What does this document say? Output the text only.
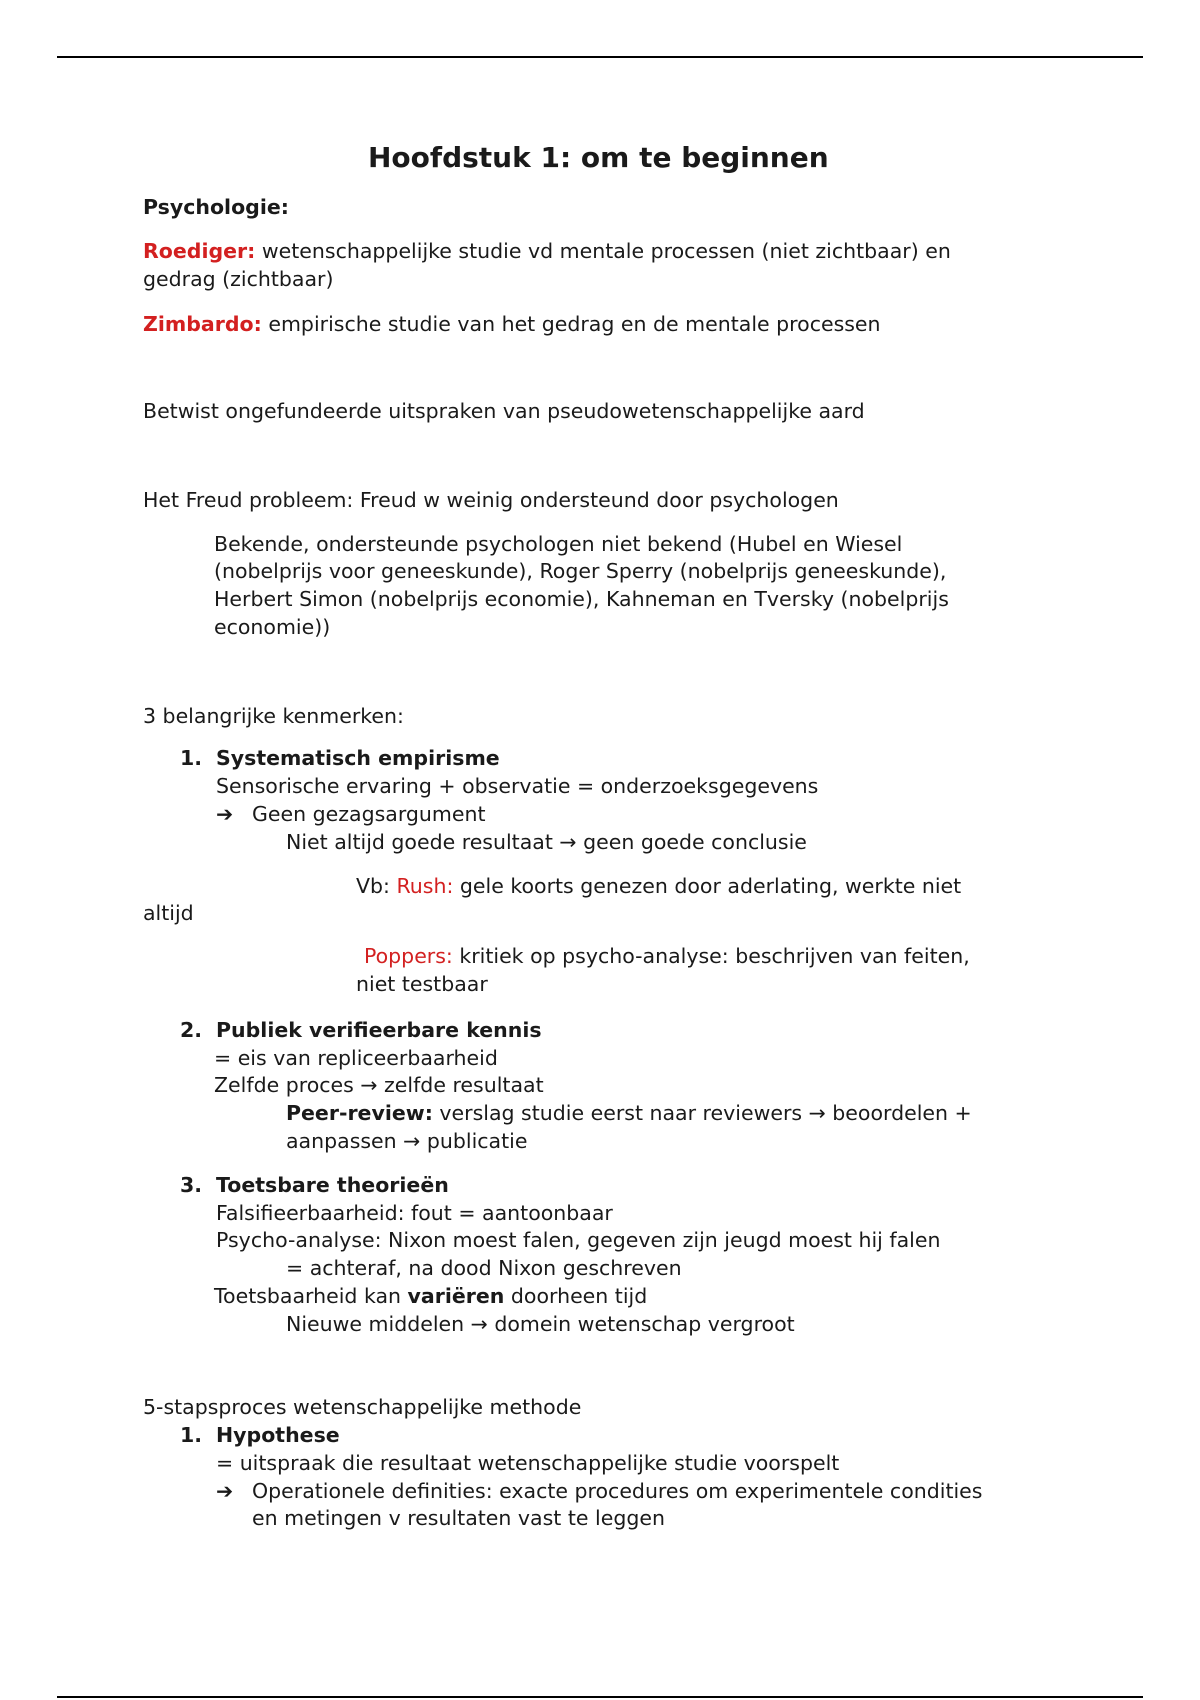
Hoofdstuk 1: om te beginnen
Psychologie:
Roediger: wetenschappelijke studie vd mentale processen (niet zichtbaar) en
gedrag (zichtbaar)
Zimbardo: empirische studie van het gedrag en de mentale processen
Betwist ongefundeerde uitspraken van pseudowetenschappelijke aard
Het Freud probleem: Freud w weinig ondersteund door psychologen
Bekende, ondersteunde psychologen niet bekend (Hubel en Wiesel
(nobelprijs voor geneeskunde), Roger Sperry (nobelprijs geneeskunde),
Herbert Simon (nobelprijs economie), Kahneman en Tversky (nobelprijs
economie))
3 belangrijke kenmerken:
1. Systematisch empirisme
Sensorische ervaring + observatie = onderzoeksgegevens
➔ Geen gezagsargument
Niet altijd goede resultaat → geen goede conclusie
Vb: Rush: gele koorts genezen door aderlating, werkte niet
altijd
Poppers: kritiek op psycho-analyse: beschrijven van feiten,
niet testbaar
2. Publiek verifieerbare kennis
= eis van repliceerbaarheid
Zelfde proces → zelfde resultaat
Peer-review: verslag studie eerst naar reviewers → beoordelen +
aanpassen → publicatie
3. Toetsbare theorieën
Falsifieerbaarheid: fout = aantoonbaar
Psycho-analyse: Nixon moest falen, gegeven zijn jeugd moest hij falen
= achteraf, na dood Nixon geschreven
Toetsbaarheid kan variëren doorheen tijd
Nieuwe middelen → domein wetenschap vergroot
5-stapsproces wetenschappelijke methode
1. Hypothese
= uitspraak die resultaat wetenschappelijke studie voorspelt
➔ Operationele definities: exacte procedures om experimentele condities
en metingen v resultaten vast te leggen
